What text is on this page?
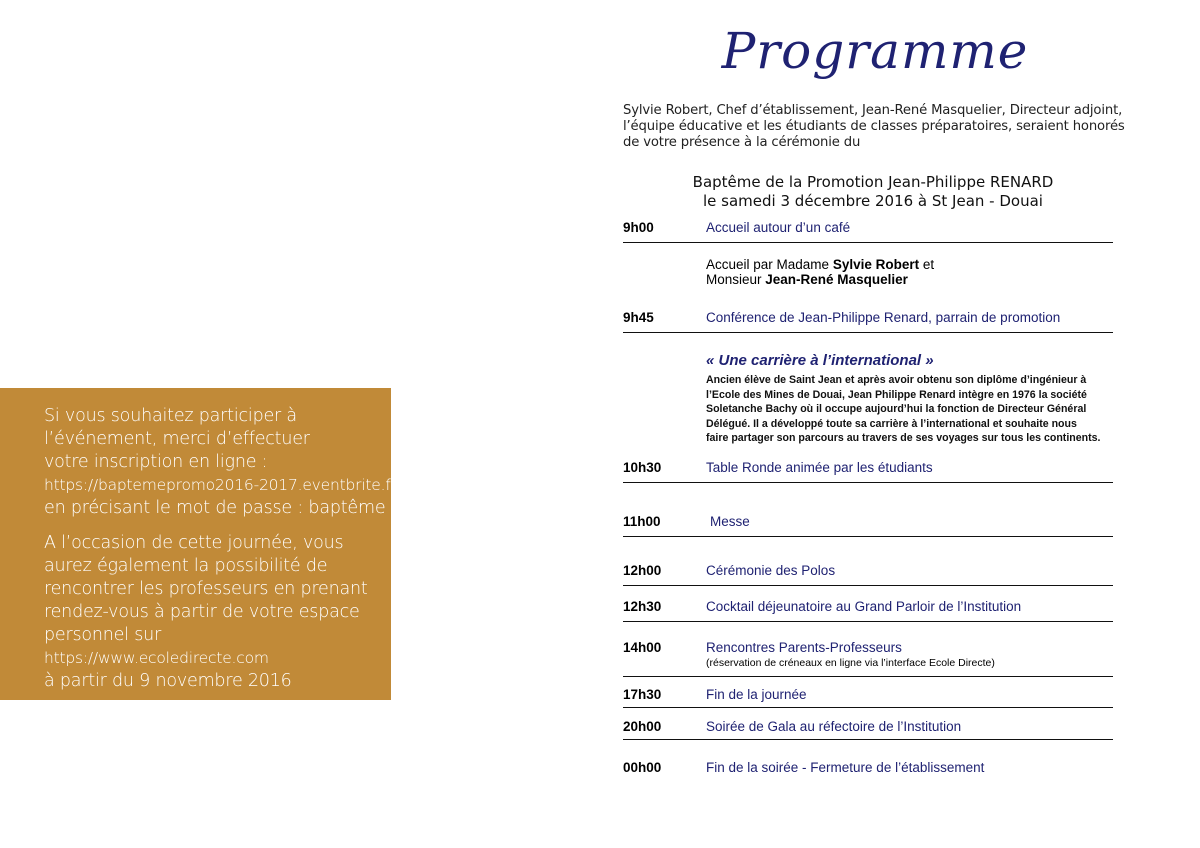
Si vous souhaitez participer à
l’événement, merci d’effectuer
votre inscription en ligne :
https://baptemepromo2016-2017.eventbrite.fr
en précisant le mot de passe : baptême
A l’occasion de cette journée, vous
aurez également la possibilité de
rencontrer les professeurs en prenant
rendez-vous à partir de votre espace
personnel sur
https://www.ecoledirecte.com
à partir du 9 novembre 2016
Programme
Sylvie Robert, Chef d’établissement, Jean-René Masquelier, Directeur adjoint,
l’équipe éducative et les étudiants de classes préparatoires, seraient honorés
de votre présence à la cérémonie du
Baptême de la Promotion Jean-Philippe RENARD
le samedi 3 décembre 2016 à St Jean - Douai
9h00	Accueil autour d’un café
Accueil par Madame Sylvie Robert et
Monsieur Jean-René Masquelier
9h45	Conférence de Jean-Philippe Renard, parrain de promotion
« Une carrière à l’international »
Ancien élève de Saint Jean et après avoir obtenu son diplôme d’ingénieur à
l’Ecole des Mines de Douai, Jean Philippe Renard intègre en 1976 la société
Soletanche Bachy où il occupe aujourd’hui la fonction de Directeur Général
Délégué. Il a développé toute sa carrière à l’international et souhaite nous
faire partager son parcours au travers de ses voyages sur tous les continents.
10h30	Table Ronde animée par les étudiants
11h00	Messe
12h00	Cérémonie des Polos
12h30	Cocktail déjeunatoire au Grand Parloir de l’Institution
14h00	Rencontres Parents-Professeurs
(réservation de créneaux en ligne via l’interface Ecole Directe)
17h30	Fin de la journée
20h00	Soirée de Gala au réfectoire de l’Institution
00h00	Fin de la soirée - Fermeture de l’établissement
